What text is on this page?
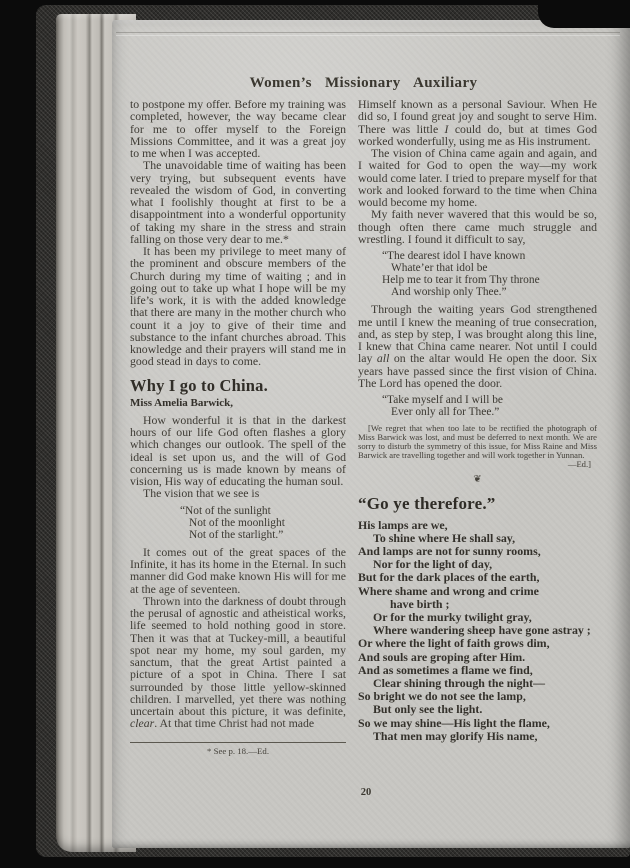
Women’s Missionary Auxiliary

to postpone my offer. Before my training was completed, however, the way became clear for me to offer myself to the Foreign Missions Committee, and it was a great joy to me when I was accepted.

The unavoidable time of waiting has been very trying, but subsequent events have revealed the wisdom of God, in converting what I foolishly thought at first to be a disappointment into a wonderful opportunity of taking my share in the stress and strain falling on those very dear to me.*

It has been my privilege to meet many of the prominent and obscure members of the Church during my time of waiting ; and in going out to take up what I hope will be my life’s work, it is with the added knowledge that there are many in the mother church who count it a joy to give of their time and substance to the infant churches abroad. This knowledge and their prayers will stand me in good stead in days to come.

Why I go to China.
Miss Amelia Barwick,

How wonderful it is that in the darkest hours of our life God often flashes a glory which changes our outlook. The spell of the ideal is set upon us, and the will of God concerning us is made known by means of vision, His way of educating the human soul.

The vision that we see is

“Not of the sunlight
Not of the moonlight
Not of the starlight.”

It comes out of the great spaces of the Infinite, it has its home in the Eternal. In such manner did God make known His will for me at the age of seventeen.

Thrown into the darkness of doubt through the perusal of agnostic and atheistical works, life seemed to hold nothing good in store. Then it was that at Tuckey-mill, a beautiful spot near my home, my soul garden, my sanctum, that the great Artist painted a picture of a spot in China. There I sat surrounded by those little yellow-skinned children. I marvelled, yet there was nothing uncertain about this picture, it was definite, clear. At that time Christ had not made

* See p. 18.—Ed.

Himself known as a personal Saviour. When He did so, I found great joy and sought to serve Him. There was little I could do, but at times God worked wonderfully, using me as His instrument.

The vision of China came again and again, and I waited for God to open the way—my work would come later. I tried to prepare myself for that work and looked forward to the time when China would become my home.

My faith never wavered that this would be so, though often there came much struggle and wrestling. I found it difficult to say,

“The dearest idol I have known
Whate’er that idol be
Help me to tear it from Thy throne
And worship only Thee.”

Through the waiting years God strengthened me until I knew the meaning of true consecration, and, as step by step, I was brought along this line, I knew that China came nearer. Not until I could lay all on the altar would He open the door. Six years have passed since the first vision of China. The Lord has opened the door.

“Take myself and I will be
Ever only all for Thee.”
[We regret that when too late to be rectified the photograph of Miss Barwick was lost, and must be deferred to next month. We are sorry to disturb the symmetry of this issue, for Miss Raine and Miss Barwick are travelling together and will work together in Yunnan.
—Ed.]
❦
“Go ye therefore.”
His lamps are we,
To shine where He shall say,
And lamps are not for sunny rooms,
Nor for the light of day,
But for the dark places of the earth,
Where shame and wrong and crime
have birth ;
Or for the murky twilight gray,
Where wandering sheep have gone astray ;
Or where the light of faith grows dim,
And souls are groping after Him.
And as sometimes a flame we find,
Clear shining through the night—
So bright we do not see the lamp,
But only see the light.
So we may shine—His light the flame,
That men may glorify His name,
20
